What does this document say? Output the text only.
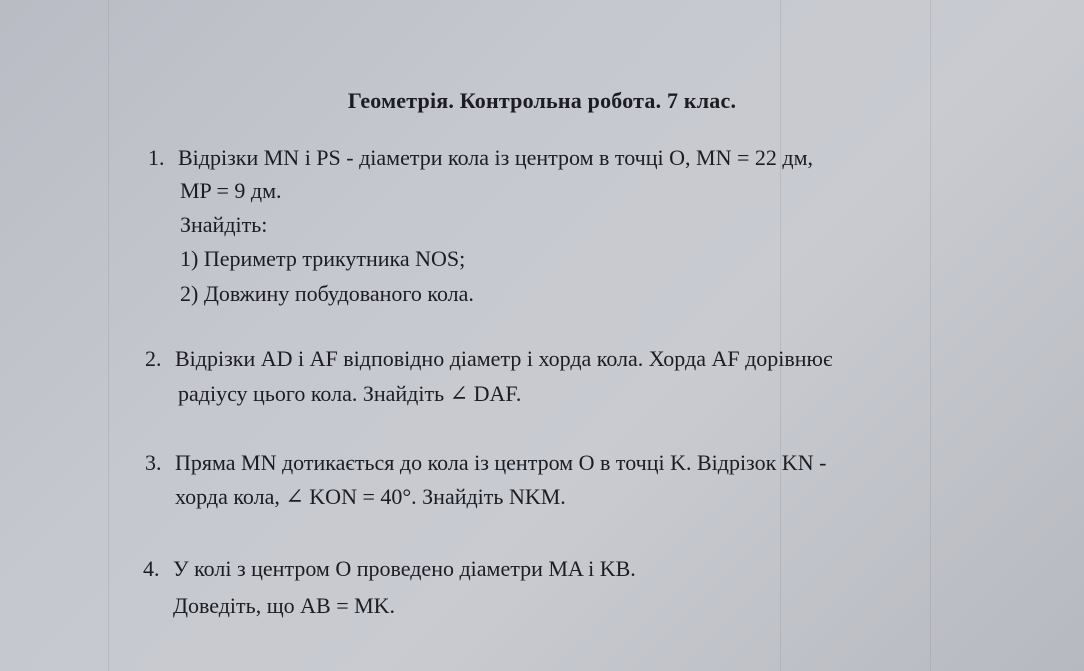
Геометрія. Контрольна робота. 7 клас.
1. Відрізки MN і PS - діаметри кола із центром в точці O, MN = 22 дм,
MP = 9 дм.
Знайдіть:
1) Периметр трикутника NOS;
2) Довжину побудованого кола.
2. Відрізки AD і AF відповідно діаметр і хорда кола. Хорда AF дорівнює
радіусу цього кола. Знайдіть ∠ DAF.
3. Пряма MN дотикається до кола із центром O в точці K. Відрізок KN -
хорда кола, ∠ KON = 40°. Знайдіть NKM.
4. У колі з центром O проведено діаметри MA і KB.
Доведіть, що AB = MK.
